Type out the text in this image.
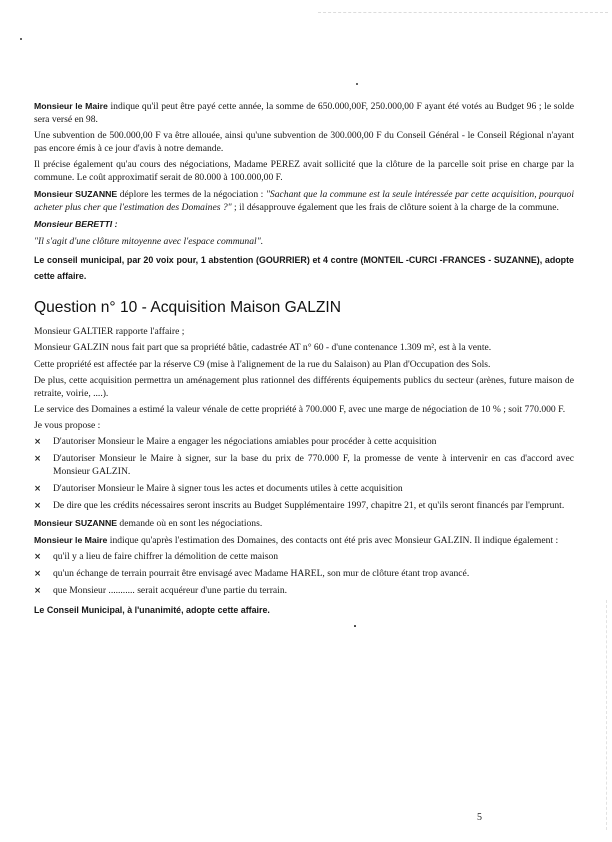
Monsieur le Maire indique qu'il peut être payé cette année, la somme de 650.000,00F, 250.000,00 F ayant été votés au Budget 96 ; le solde sera versé en 98.

Une subvention de 500.000,00 F va être allouée, ainsi qu'une subvention de 300.000,00 F du Conseil Général - le Conseil Régional n'ayant pas encore émis à ce jour d'avis à notre demande.

Il précise également qu'au cours des négociations, Madame PEREZ avait sollicité que la clôture de la parcelle soit prise en charge par la commune. Le coût approximatif serait de 80.000 à 100.000,00 F.

Monsieur SUZANNE déplore les termes de la négociation : "Sachant que la commune est la seule intéressée par cette acquisition, pourquoi acheter plus cher que l'estimation des Domaines ?" ; il désapprouve également que les frais de clôture soient à la charge de la commune.

Monsieur BERETTI :

"Il s'agit d'une clôture mitoyenne avec l'espace communal".

Le conseil municipal, par 20 voix pour, 1 abstention (GOURRIER) et 4 contre (MONTEIL -CURCI -FRANCES - SUZANNE), adopte cette affaire.

Question n° 10 - Acquisition Maison GALZIN

Monsieur GALTIER rapporte l'affaire ;

Monsieur GALZIN nous fait part que sa propriété bâtie, cadastrée AT n° 60 - d'une contenance 1.309 m², est à la vente.

Cette propriété est affectée par la réserve C9 (mise à l'alignement de la rue du Salaison) au Plan d'Occupation des Sols.

De plus, cette acquisition permettra un aménagement plus rationnel des différents équipements publics du secteur (arènes, future maison de retraite, voirie, ....).

Le service des Domaines a estimé la valeur vénale de cette propriété à 700.000 F, avec une marge de négociation de 10 % ; soit 770.000 F.

Je vous propose :

× D'autoriser Monsieur le Maire a engager les négociations amiables pour procéder à cette acquisition

× D'autoriser Monsieur le Maire à signer, sur la base du prix de 770.000 F, la promesse de vente à intervenir en cas d'accord avec Monsieur GALZIN.

× D'autoriser Monsieur le Maire à signer tous les actes et documents utiles à cette acquisition

× De dire que les crédits nécessaires seront inscrits au Budget Supplémentaire 1997, chapitre 21, et qu'ils seront financés par l'emprunt.

Monsieur SUZANNE demande où en sont les négociations.

Monsieur le Maire indique qu'après l'estimation des Domaines, des contacts ont été pris avec Monsieur GALZIN. Il indique également :

× qu'il y a lieu de faire chiffrer la démolition de cette maison

× qu'un échange de terrain pourrait être envisagé avec Madame HAREL, son mur de clôture étant trop avancé.

× que Monsieur ........... serait acquéreur d'une partie du terrain.

Le Conseil Municipal, à l'unanimité, adopte cette affaire.

5
